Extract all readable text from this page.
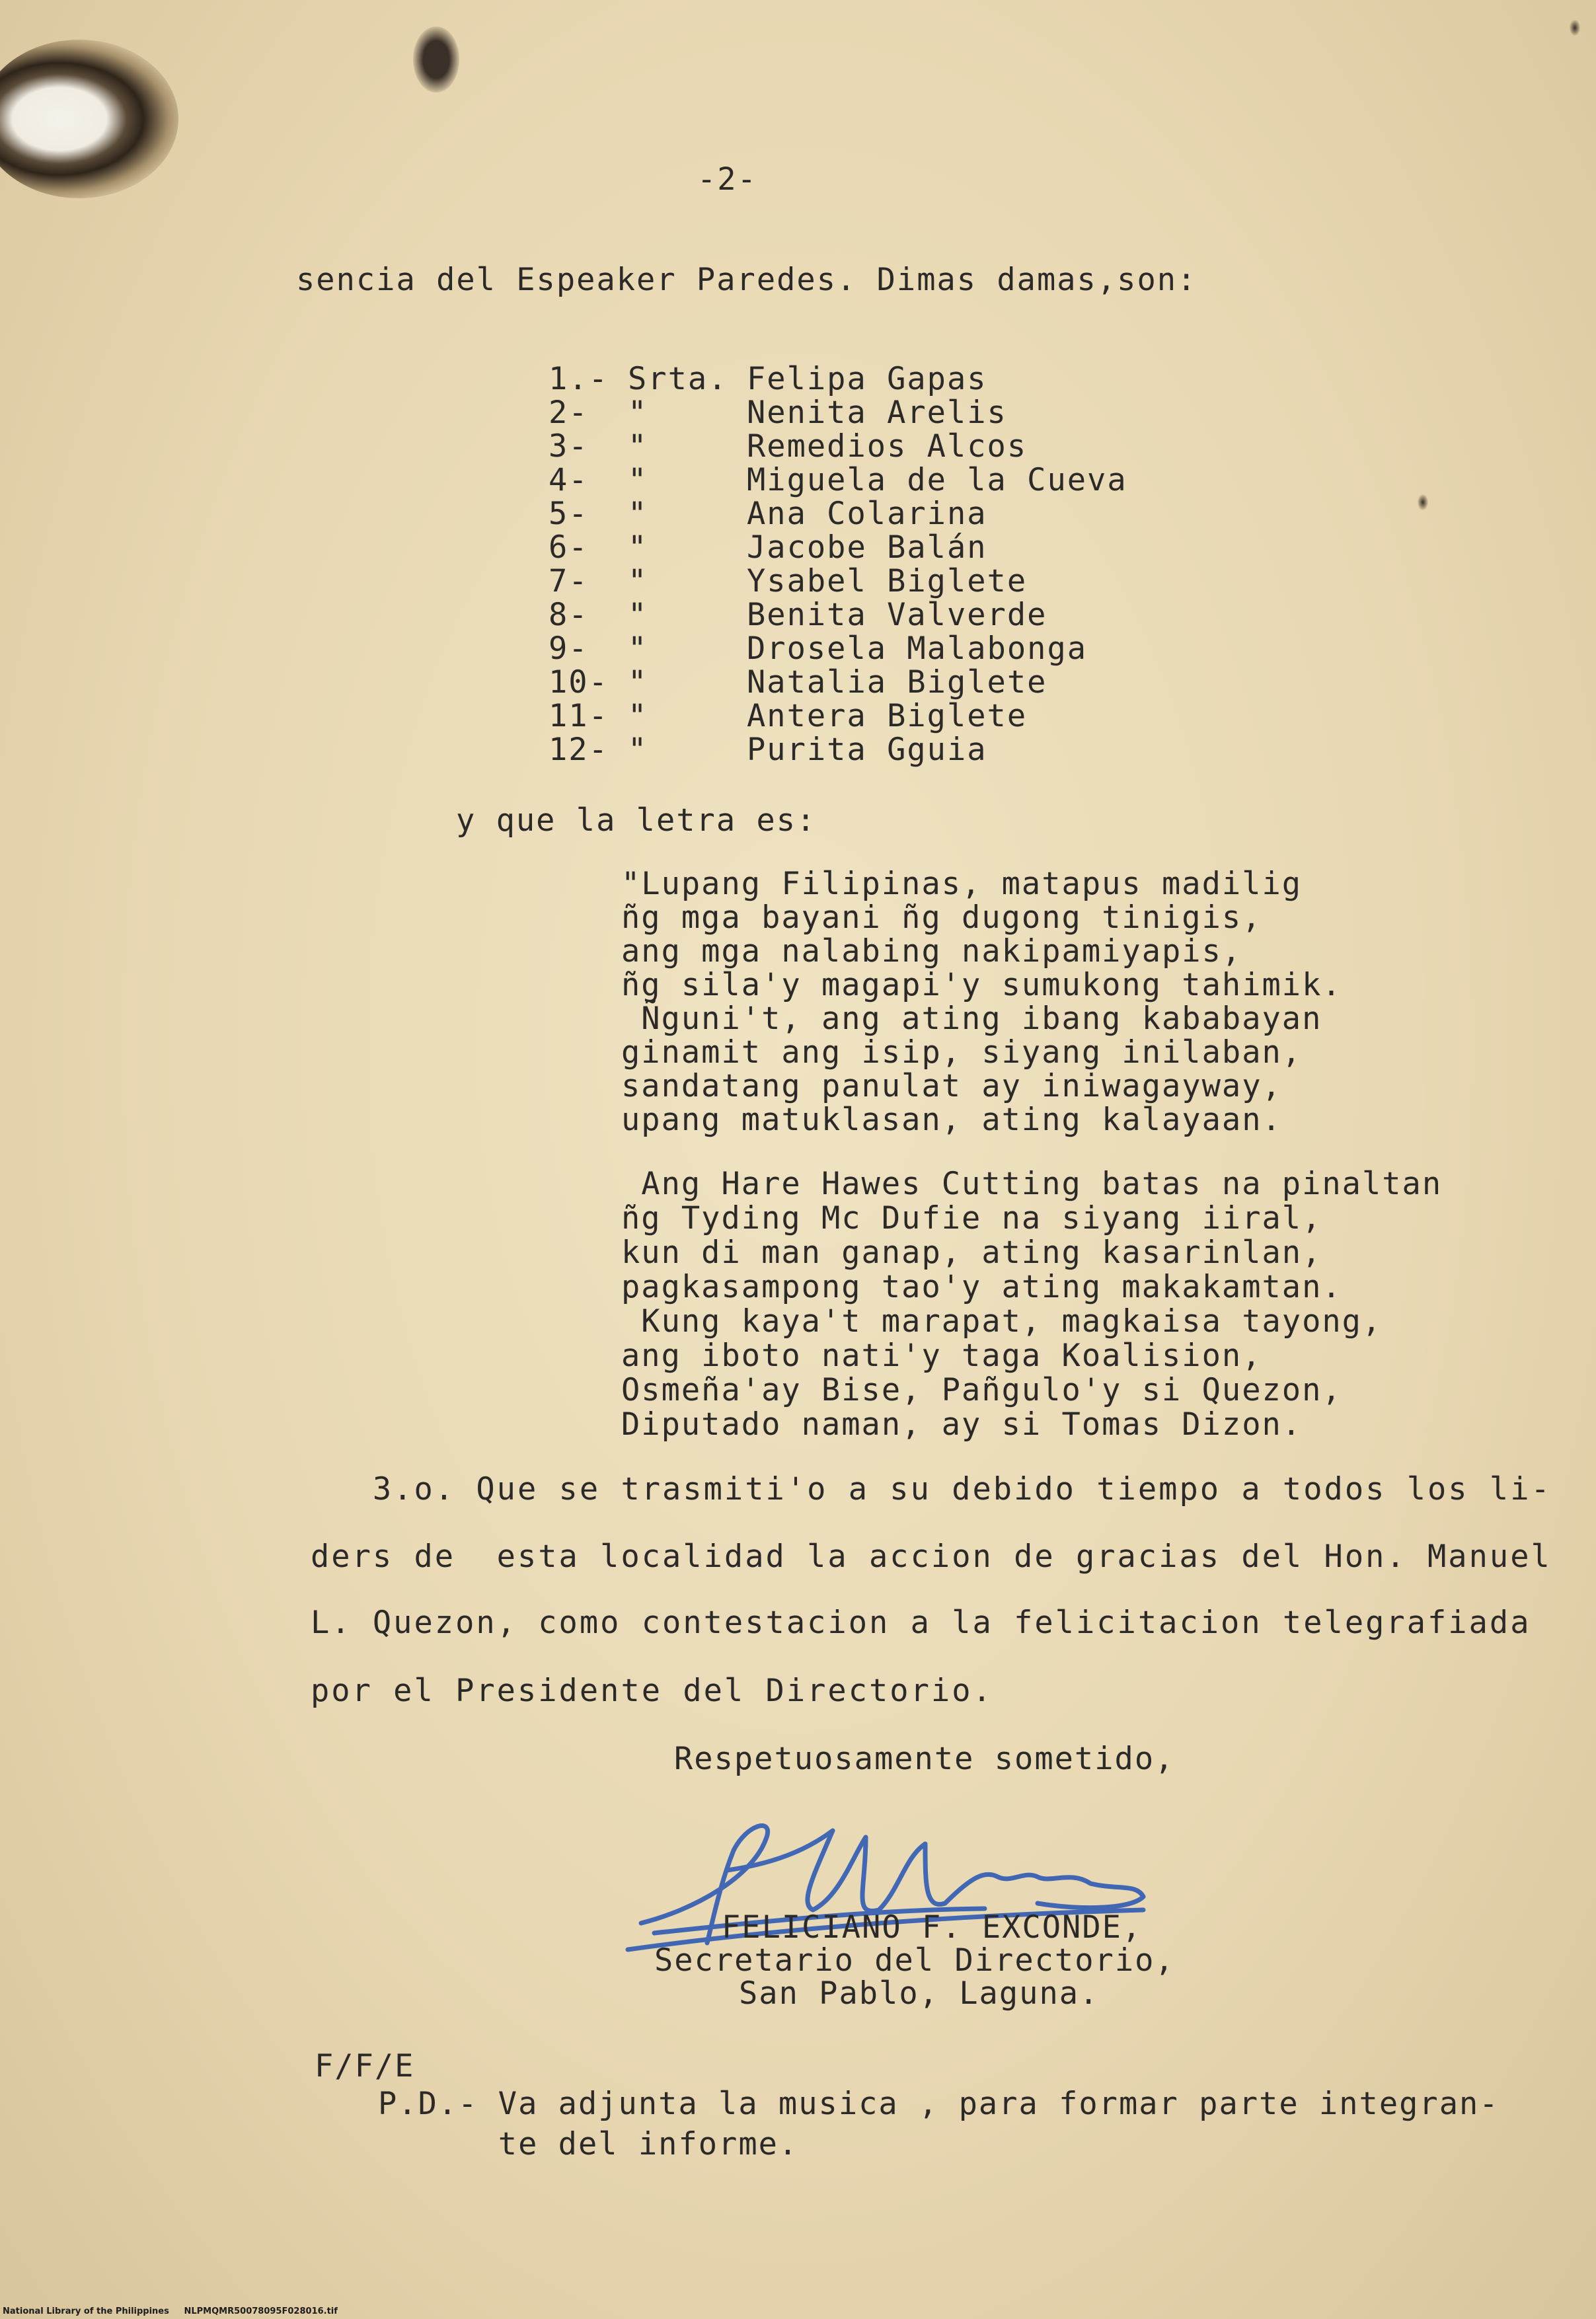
-2-
sencia del Espeaker Paredes. Dimas damas,son:
1.- Srta. Felipa Gapas
2- "	Nenita Arelis
3- "	Remedios Alcos
4- "	Miguela de la Cueva
5- "	Ana Colarina
6- "	Jacobe Balán
7- "	Ysabel Biglete
8- "	Benita Valverde
9- "	Drosela Malabonga
10- "	Natalia Biglete
11- "	Antera Biglete
12- "	Purita Gguia
y que la letra es:
"Lupang Filipinas, matapus madilig
ñg mga bayani ñg dugong tinigis,
ang mga nalabing nakipamiyapis,
ñg sila'y magapi'y sumukong tahimik.
Ñguni't, ang ating ibang kababayan
ginamit ang isip, siyang inilaban,
sandatang panulat ay iniwagayway,
upang matuklasan, ating kalayaan.
Ang Hare Hawes Cutting batas na pinaltan
ñg Tyding Mc Dufie na siyang iiral,
kun di man ganap, ating kasarinlan,
pagkasampong tao'y ating makakamtan.
Kung kaya't marapat, magkaisa tayong,
ang iboto nati'y taga Koalision,
Osmeña'ay Bise, Pañgulo'y si Quezon,
Diputado naman, ay si Tomas Dizon.
3.o. Que se trasmiti'o a su debido tiempo a todos los li-
ders de  esta localidad la accion de gracias del Hon. Manuel
L. Quezon, como contestacion a la felicitacion telegrafiada
por el Presidente del Directorio.
Respetuosamente sometido,
FELICIANO F. EXCONDE,
Secretario del Directorio,
San Pablo, Laguna.
F/F/E
P.D.- Va adjunta la musica , para formar parte integran-
te del informe.
National Library of the Philippines     NLPMQMR50078095F028016.tif
